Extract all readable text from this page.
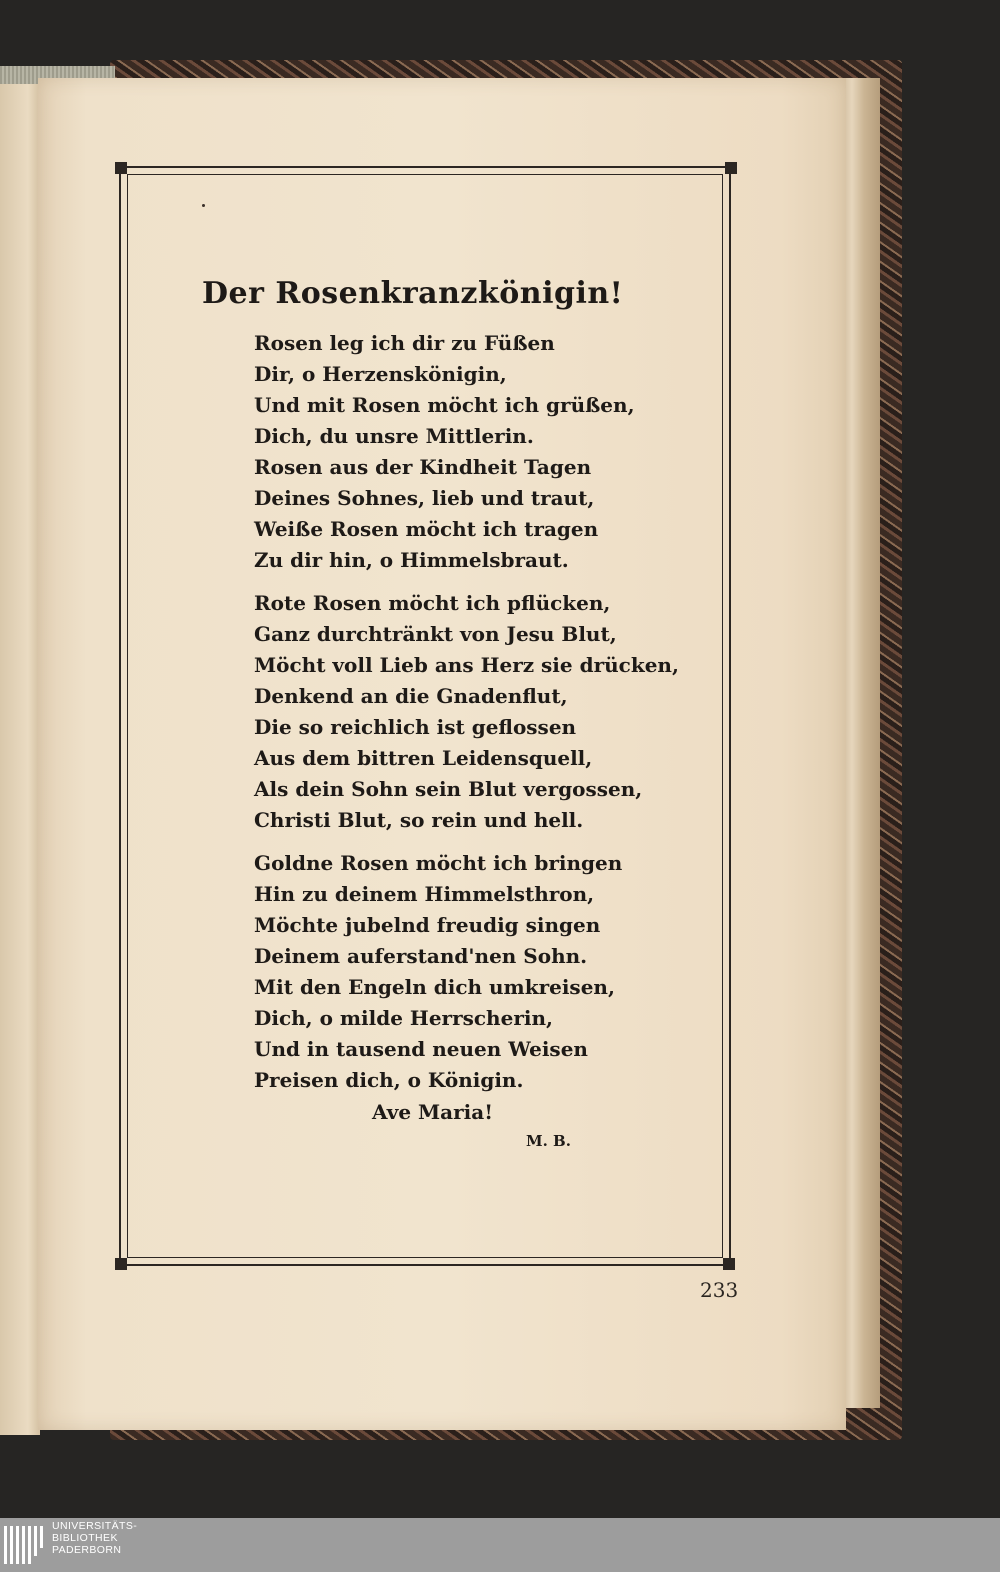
Der Rosenkranzkönigin!
Rosen leg ich dir zu Füßen
Dir, o Herzenskönigin,
Und mit Rosen möcht ich grüßen,
Dich, du unsre Mittlerin.
Rosen aus der Kindheit Tagen
Deines Sohnes, lieb und traut,
Weiße Rosen möcht ich tragen
Zu dir hin, o Himmelsbraut.
Rote Rosen möcht ich pflücken,
Ganz durchtränkt von Jesu Blut,
Möcht voll Lieb ans Herz sie drücken,
Denkend an die Gnadenflut,
Die so reichlich ist geflossen
Aus dem bittren Leidensquell,
Als dein Sohn sein Blut vergossen,
Christi Blut, so rein und hell.
Goldne Rosen möcht ich bringen
Hin zu deinem Himmelsthron,
Möchte jubelnd freudig singen
Deinem auferstand'nen Sohn.
Mit den Engeln dich umkreisen,
Dich, o milde Herrscherin,
Und in tausend neuen Weisen
Preisen dich, o Königin.
Ave Maria!
M. B.
233
UNIVERSITÄTS-
BIBLIOTHEK
PADERBORN
